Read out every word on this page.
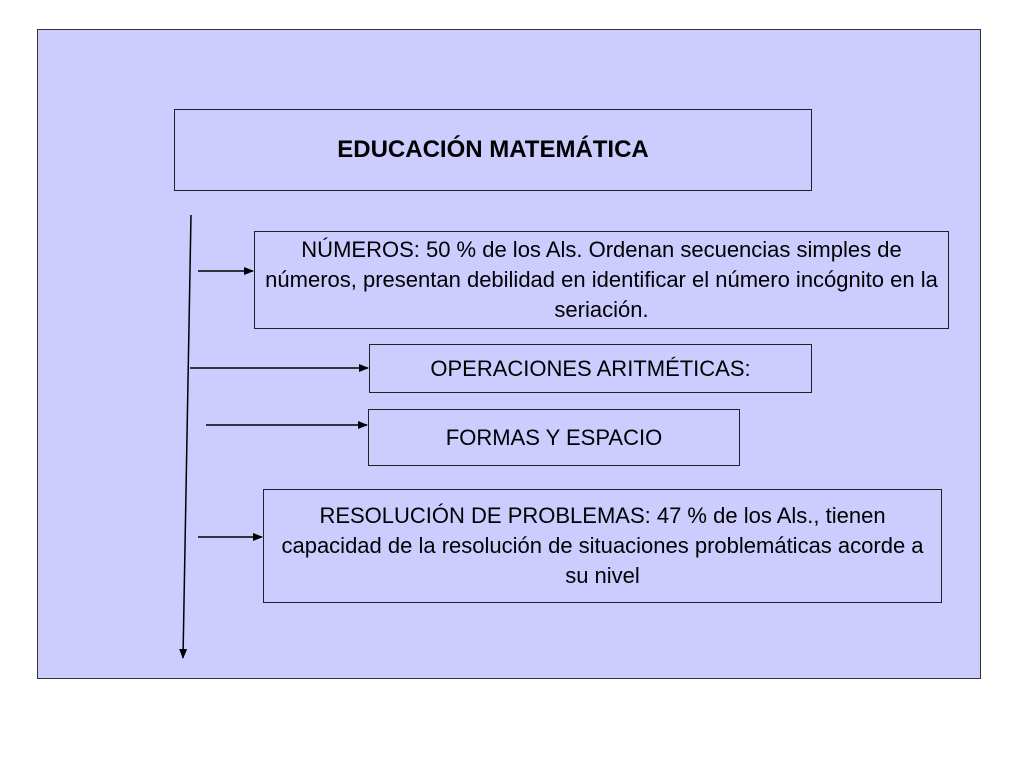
EDUCACIÓN MATEMÁTICA
NÚMEROS: 50 % de los Als. Ordenan secuencias simples de números, presentan debilidad en identificar el número incógnito en la seriación.
OPERACIONES ARITMÉTICAS:
FORMAS Y ESPACIO
RESOLUCIÓN DE PROBLEMAS: 47 % de los Als., tienen capacidad de la resolución de situaciones problemáticas acorde a su nivel
